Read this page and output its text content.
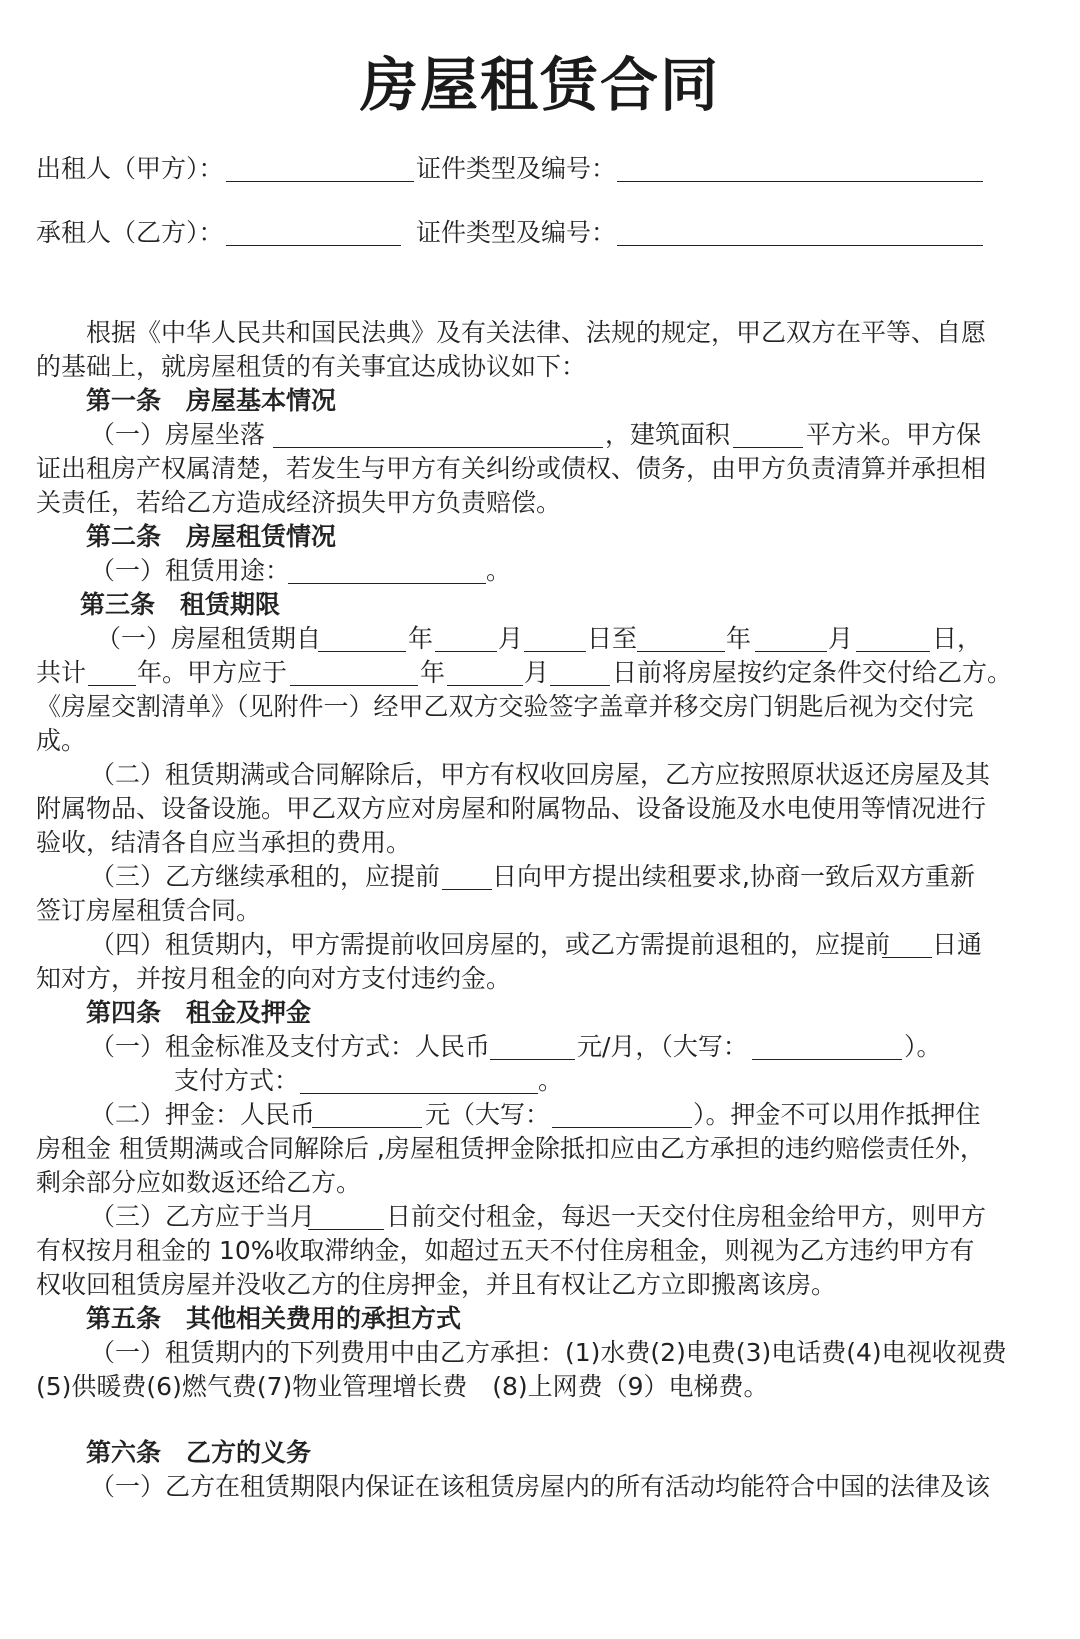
房屋租赁合同
出租人（甲方）：	证件类型及编号：
承租人（乙方）：	证件类型及编号：
根据《中华人民共和国民法典》及有关法律、法规的规定，甲乙双方在平等、自愿
的基础上，就房屋租赁的有关事宜达成协议如下：
第一条　房屋基本情况
（一）房屋坐落	，建筑面积	平方米。甲方保
证出租房产权属清楚，若发生与甲方有关纠纷或债权、债务，由甲方负责清算并承担相
关责任，若给乙方造成经济损失甲方负责赔偿。
第二条　房屋租赁情况
（一）租赁用途：	。
第三条　租赁期限
（一）房屋租赁期自	年	月	日至	年	月	日，
共计 年。甲方应于	年	月	日前将房屋按约定条件交付给乙方。
《房屋交割清单》（见附件一）经甲乙双方交验签字盖章并移交房门钥匙后视为交付完
成。
（二）租赁期满或合同解除后，甲方有权收回房屋，乙方应按照原状返还房屋及其
附属物品、设备设施。甲乙双方应对房屋和附属物品、设备设施及水电使用等情况进行
验收，结清各自应当承担的费用。
（三）乙方继续承租的，应提前 日向甲方提出续租要求,协商一致后双方重新
签订房屋租赁合同。
（四）租赁期内，甲方需提前收回房屋的，或乙方需提前退租的，应提前 日通
知对方，并按月租金的向对方支付违约金。
第四条　租金及押金
（一）租金标准及支付方式：人民币	元/月，（大写：	）。
支付方式：	。
（二）押金：人民币	元（大写：	）。押金不可以用作抵押住
房租金 租赁期满或合同解除后 ,房屋租赁押金除抵扣应由乙方承担的违约赔偿责任外，
剩余部分应如数返还给乙方。
（三）乙方应于当月	日前交付租金，每迟一天交付住房租金给甲方，则甲方
有权按月租金的 10%收取滞纳金，如超过五天不付住房租金，则视为乙方违约甲方有
权收回租赁房屋并没收乙方的住房押金，并且有权让乙方立即搬离该房。
第五条　其他相关费用的承担方式
（一）租赁期内的下列费用中由乙方承担：(1)水费(2)电费(3)电话费(4)电视收视费
(5)供暖费(6)燃气费(7)物业管理增长费　(8)上网费（9）电梯费。
第六条　乙方的义务
（一）乙方在租赁期限内保证在该租赁房屋内的所有活动均能符合中国的法律及该
